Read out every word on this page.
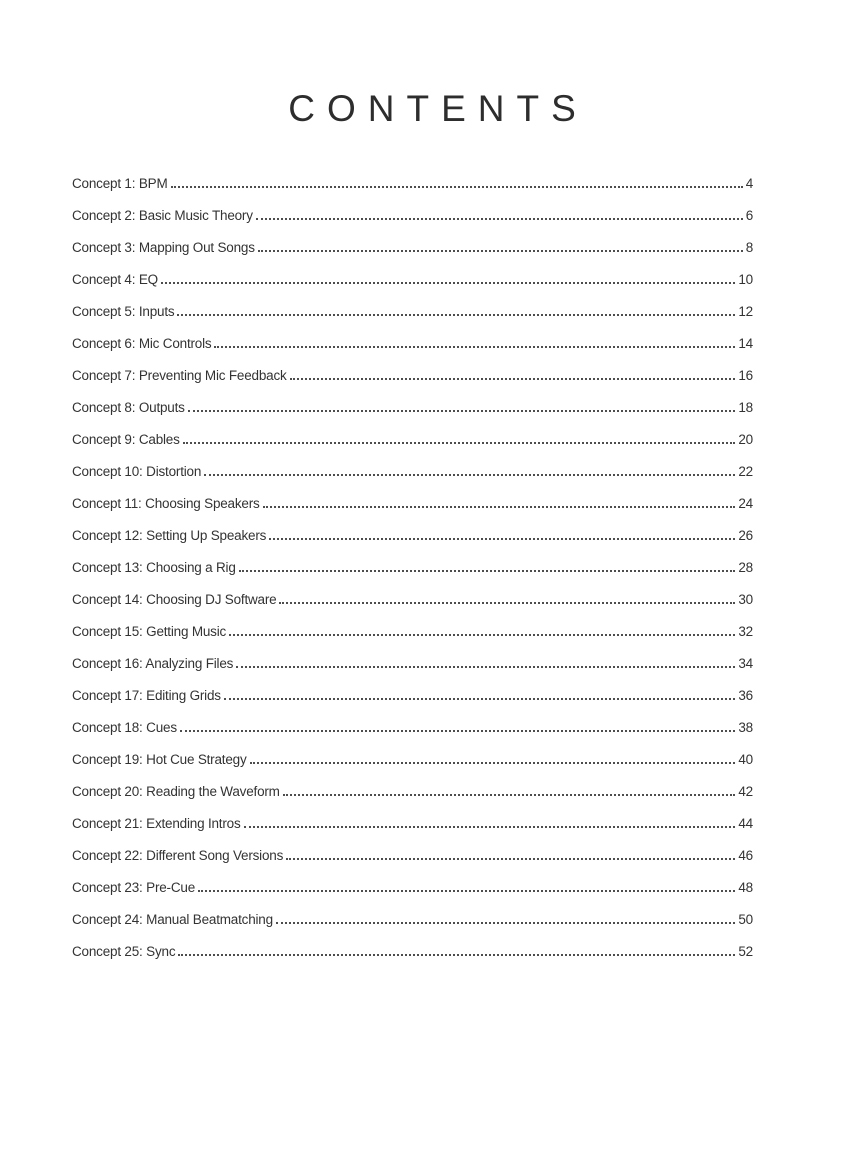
CONTENTS
Concept 1: BPM	4
Concept 2: Basic Music Theory	6
Concept 3: Mapping Out Songs	8
Concept 4: EQ	10
Concept 5: Inputs	12
Concept 6: Mic Controls	14
Concept 7: Preventing Mic Feedback	16
Concept 8: Outputs	18
Concept 9: Cables	20
Concept 10: Distortion	22
Concept 11: Choosing Speakers	24
Concept 12: Setting Up Speakers	26
Concept 13: Choosing a Rig	28
Concept 14: Choosing DJ Software	30
Concept 15: Getting Music	32
Concept 16: Analyzing Files	34
Concept 17: Editing Grids	36
Concept 18: Cues	38
Concept 19: Hot Cue Strategy	40
Concept 20: Reading the Waveform	42
Concept 21: Extending Intros	44
Concept 22: Different Song Versions	46
Concept 23: Pre-Cue	48
Concept 24: Manual Beatmatching	50
Concept 25: Sync	52
